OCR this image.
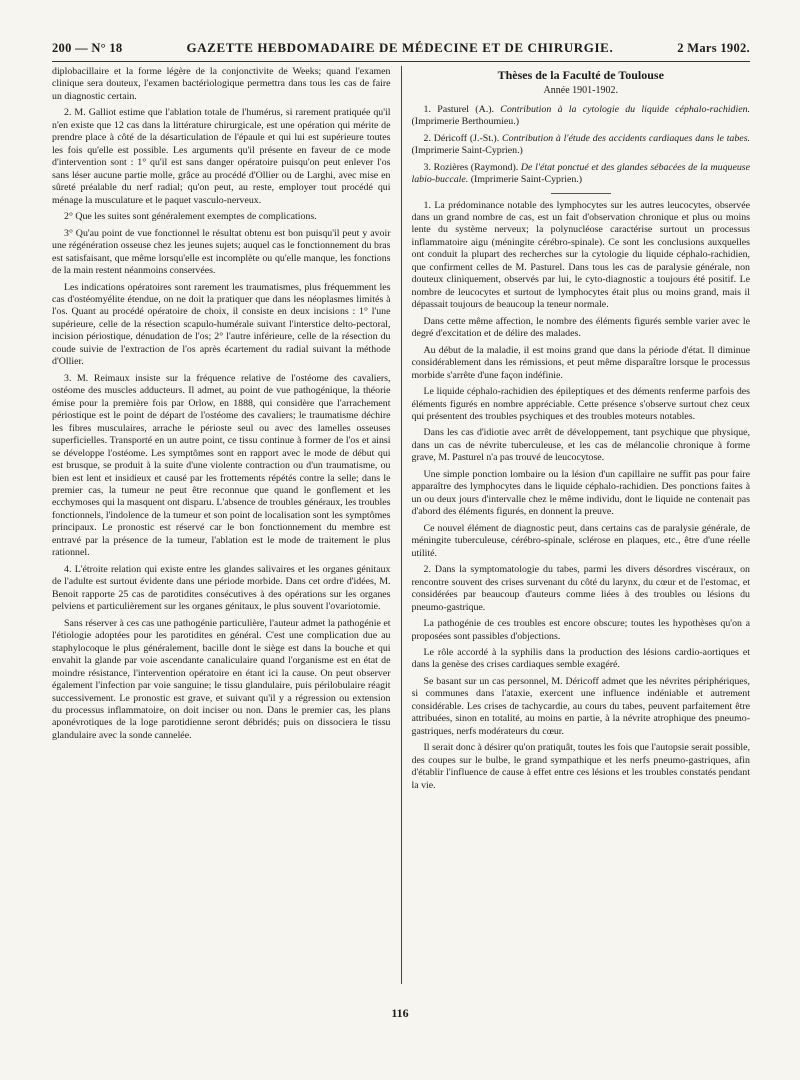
200 — N° 18	GAZETTE HEBDOMADAIRE DE MÉDECINE ET DE CHIRURGIE.	2 Mars 1902.

diplobacillaire et la forme légère de la conjonctivite de Weeks; quand l'examen clinique sera douteux, l'examen bactériologique permettra dans tous les cas de faire un diagnostic certain.

2. M. Galliot estime que l'ablation totale de l'humérus, si rarement pratiquée qu'il n'en existe que 12 cas dans la littérature chirurgicale, est une opération qui mérite de prendre place à côté de la désarticulation de l'épaule et qui lui est supérieure toutes les fois qu'elle est possible. Les arguments qu'il présente en faveur de ce mode d'intervention sont : 1° qu'il est sans danger opératoire puisqu'on peut enlever l'os sans léser aucune partie molle, grâce au procédé d'Ollier ou de Larghi, avec mise en sûreté préalable du nerf radial; qu'on peut, au reste, employer tout procédé qui ménage la musculature et le paquet vasculo-nerveux.

2° Que les suites sont généralement exemptes de complications.

3° Qu'au point de vue fonctionnel le résultat obtenu est bon puisqu'il peut y avoir une régénération osseuse chez les jeunes sujets; auquel cas le fonctionnement du bras est satisfaisant, que même lorsqu'elle est incomplète ou qu'elle manque, les fonctions de la main restent néanmoins conservées.

Les indications opératoires sont rarement les traumatismes, plus fréquemment les cas d'ostéomyélite étendue, on ne doit la pratiquer que dans les néoplasmes limités à l'os. Quant au procédé opératoire de choix, il consiste en deux incisions : 1° l'une supérieure, celle de la résection scapulo-humérale suivant l'interstice delto-pectoral, incision périostique, dénudation de l'os; 2° l'autre inférieure, celle de la résection du coude suivie de l'extraction de l'os après écartement du radial suivant la méthode d'Ollier.

3. M. Reimaux insiste sur la fréquence relative de l'ostéome des cavaliers, ostéome des muscles adducteurs. Il admet, au point de vue pathogénique, la théorie émise pour la première fois par Orlow, en 1888, qui considère que l'arrachement périostique est le point de départ de l'ostéome des cavaliers; le traumatisme déchire les fibres musculaires, arrache le périoste seul ou avec des lamelles osseuses superficielles. Transporté en un autre point, ce tissu continue à former de l'os et ainsi se développe l'ostéome. Les symptômes sont en rapport avec le mode de début qui est brusque, se produit à la suite d'une violente contraction ou d'un traumatisme, ou bien est lent et insidieux et causé par les frottements répétés contre la selle; dans le premier cas, la tumeur ne peut être reconnue que quand le gonflement et les ecchymoses qui la masquent ont disparu. L'absence de troubles généraux, les troubles fonctionnels, l'indolence de la tumeur et son point de localisation sont les symptômes principaux. Le pronostic est réservé car le bon fonctionnement du membre est entravé par la présence de la tumeur, l'ablation est le mode de traitement le plus rationnel.

4. L'étroite relation qui existe entre les glandes salivaires et les organes génitaux de l'adulte est surtout évidente dans une période morbide. Dans cet ordre d'idées, M. Benoit rapporte 25 cas de parotidites consécutives à des opérations sur les organes pelviens et particulièrement sur les organes génitaux, le plus souvent l'ovariotomie.

Sans réserver à ces cas une pathogénie particulière, l'auteur admet la pathogénie et l'étiologie adoptées pour les parotidites en général. C'est une complication due au staphylocoque le plus généralement, bacille dont le siège est dans la bouche et qui envahit la glande par voie ascendante canaliculaire quand l'organisme est en état de moindre résistance, l'intervention opératoire en étant ici la cause. On peut observer également l'infection par voie sanguine; le tissu glandulaire, puis périlobulaire réagit successivement. Le pronostic est grave, et suivant qu'il y a régression ou extension du processus inflammatoire, on doit inciser ou non. Dans le premier cas, les plans aponévrotiques de la loge parotidienne seront débridés; puis on dissociera le tissu glandulaire avec la sonde cannelée.

Thèses de la Faculté de Toulouse
Année 1901-1902.

1. Pasturel (A.). Contribution à la cytologie du liquide céphalo-rachidien. (Imprimerie Berthoumieu.)

2. Déricoff (J.-St.). Contribution à l'étude des accidents cardiaques dans le tabes. (Imprimerie Saint-Cyprien.)

3. Rozières (Raymond). De l'état ponctué et des glandes sébacées de la muqueuse labio-buccale. (Imprimerie Saint-Cyprien.)

1. La prédominance notable des lymphocytes sur les autres leucocytes, observée dans un grand nombre de cas, est un fait d'observation chronique et plus ou moins lente du système nerveux; la polynucléose caractérise surtout un processus inflammatoire aigu (méningite cérébro-spinale). Ce sont les conclusions auxquelles ont conduit la plupart des recherches sur la cytologie du liquide céphalo-rachidien, que confirment celles de M. Pasturel. Dans tous les cas de paralysie générale, non douteux cliniquement, observés par lui, le cyto-diagnostic a toujours été positif. Le nombre de leucocytes et surtout de lymphocytes était plus ou moins grand, mais il dépassait toujours de beaucoup la teneur normale.

Dans cette même affection, le nombre des éléments figurés semble varier avec le degré d'excitation et de délire des malades.

Au début de la maladie, il est moins grand que dans la période d'état. Il diminue considérablement dans les rémissions, et peut même disparaître lorsque le processus morbide s'arrête d'une façon indéfinie.

Le liquide céphalo-rachidien des épileptiques et des déments renferme parfois des éléments figurés en nombre appréciable. Cette présence s'observe surtout chez ceux qui présentent des troubles psychiques et des troubles moteurs notables.

Dans les cas d'idiotie avec arrêt de développement, tant psychique que physique, dans un cas de névrite tuberculeuse, et les cas de mélancolie chronique à forme grave, M. Pasturel n'a pas trouvé de leucocytose.

Une simple ponction lombaire ou la lésion d'un capillaire ne suffit pas pour faire apparaître des lymphocytes dans le liquide céphalo-rachidien. Des ponctions faites à un ou deux jours d'intervalle chez le même individu, dont le liquide ne contenait pas d'abord des éléments figurés, en donnent la preuve.

Ce nouvel élément de diagnostic peut, dans certains cas de paralysie générale, de méningite tuberculeuse, cérébro-spinale, sclérose en plaques, etc., être d'une réelle utilité.

2. Dans la symptomatologie du tabes, parmi les divers désordres viscéraux, on rencontre souvent des crises survenant du côté du larynx, du cœur et de l'estomac, et considérées par beaucoup d'auteurs comme liées à des troubles ou lésions du pneumo-gastrique.

La pathogénie de ces troubles est encore obscure; toutes les hypothèses qu'on a proposées sont passibles d'objections.

Le rôle accordé à la syphilis dans la production des lésions cardio-aortiques et dans la genèse des crises cardiaques semble exagéré.

Se basant sur un cas personnel, M. Déricoff admet que les névrites périphériques, si communes dans l'ataxie, exercent une influence indéniable et autrement considérable. Les crises de tachycardie, au cours du tabes, peuvent parfaitement être attribuées, sinon en totalité, au moins en partie, à la névrite atrophique des pneumo-gastriques, nerfs modérateurs du cœur.

Il serait donc à désirer qu'on pratiquât, toutes les fois que l'autopsie serait possible, des coupes sur le bulbe, le grand sympathique et les nerfs pneumo-gastriques, afin d'établir l'influence de cause à effet entre ces lésions et les troubles constatés pendant la vie.

116
